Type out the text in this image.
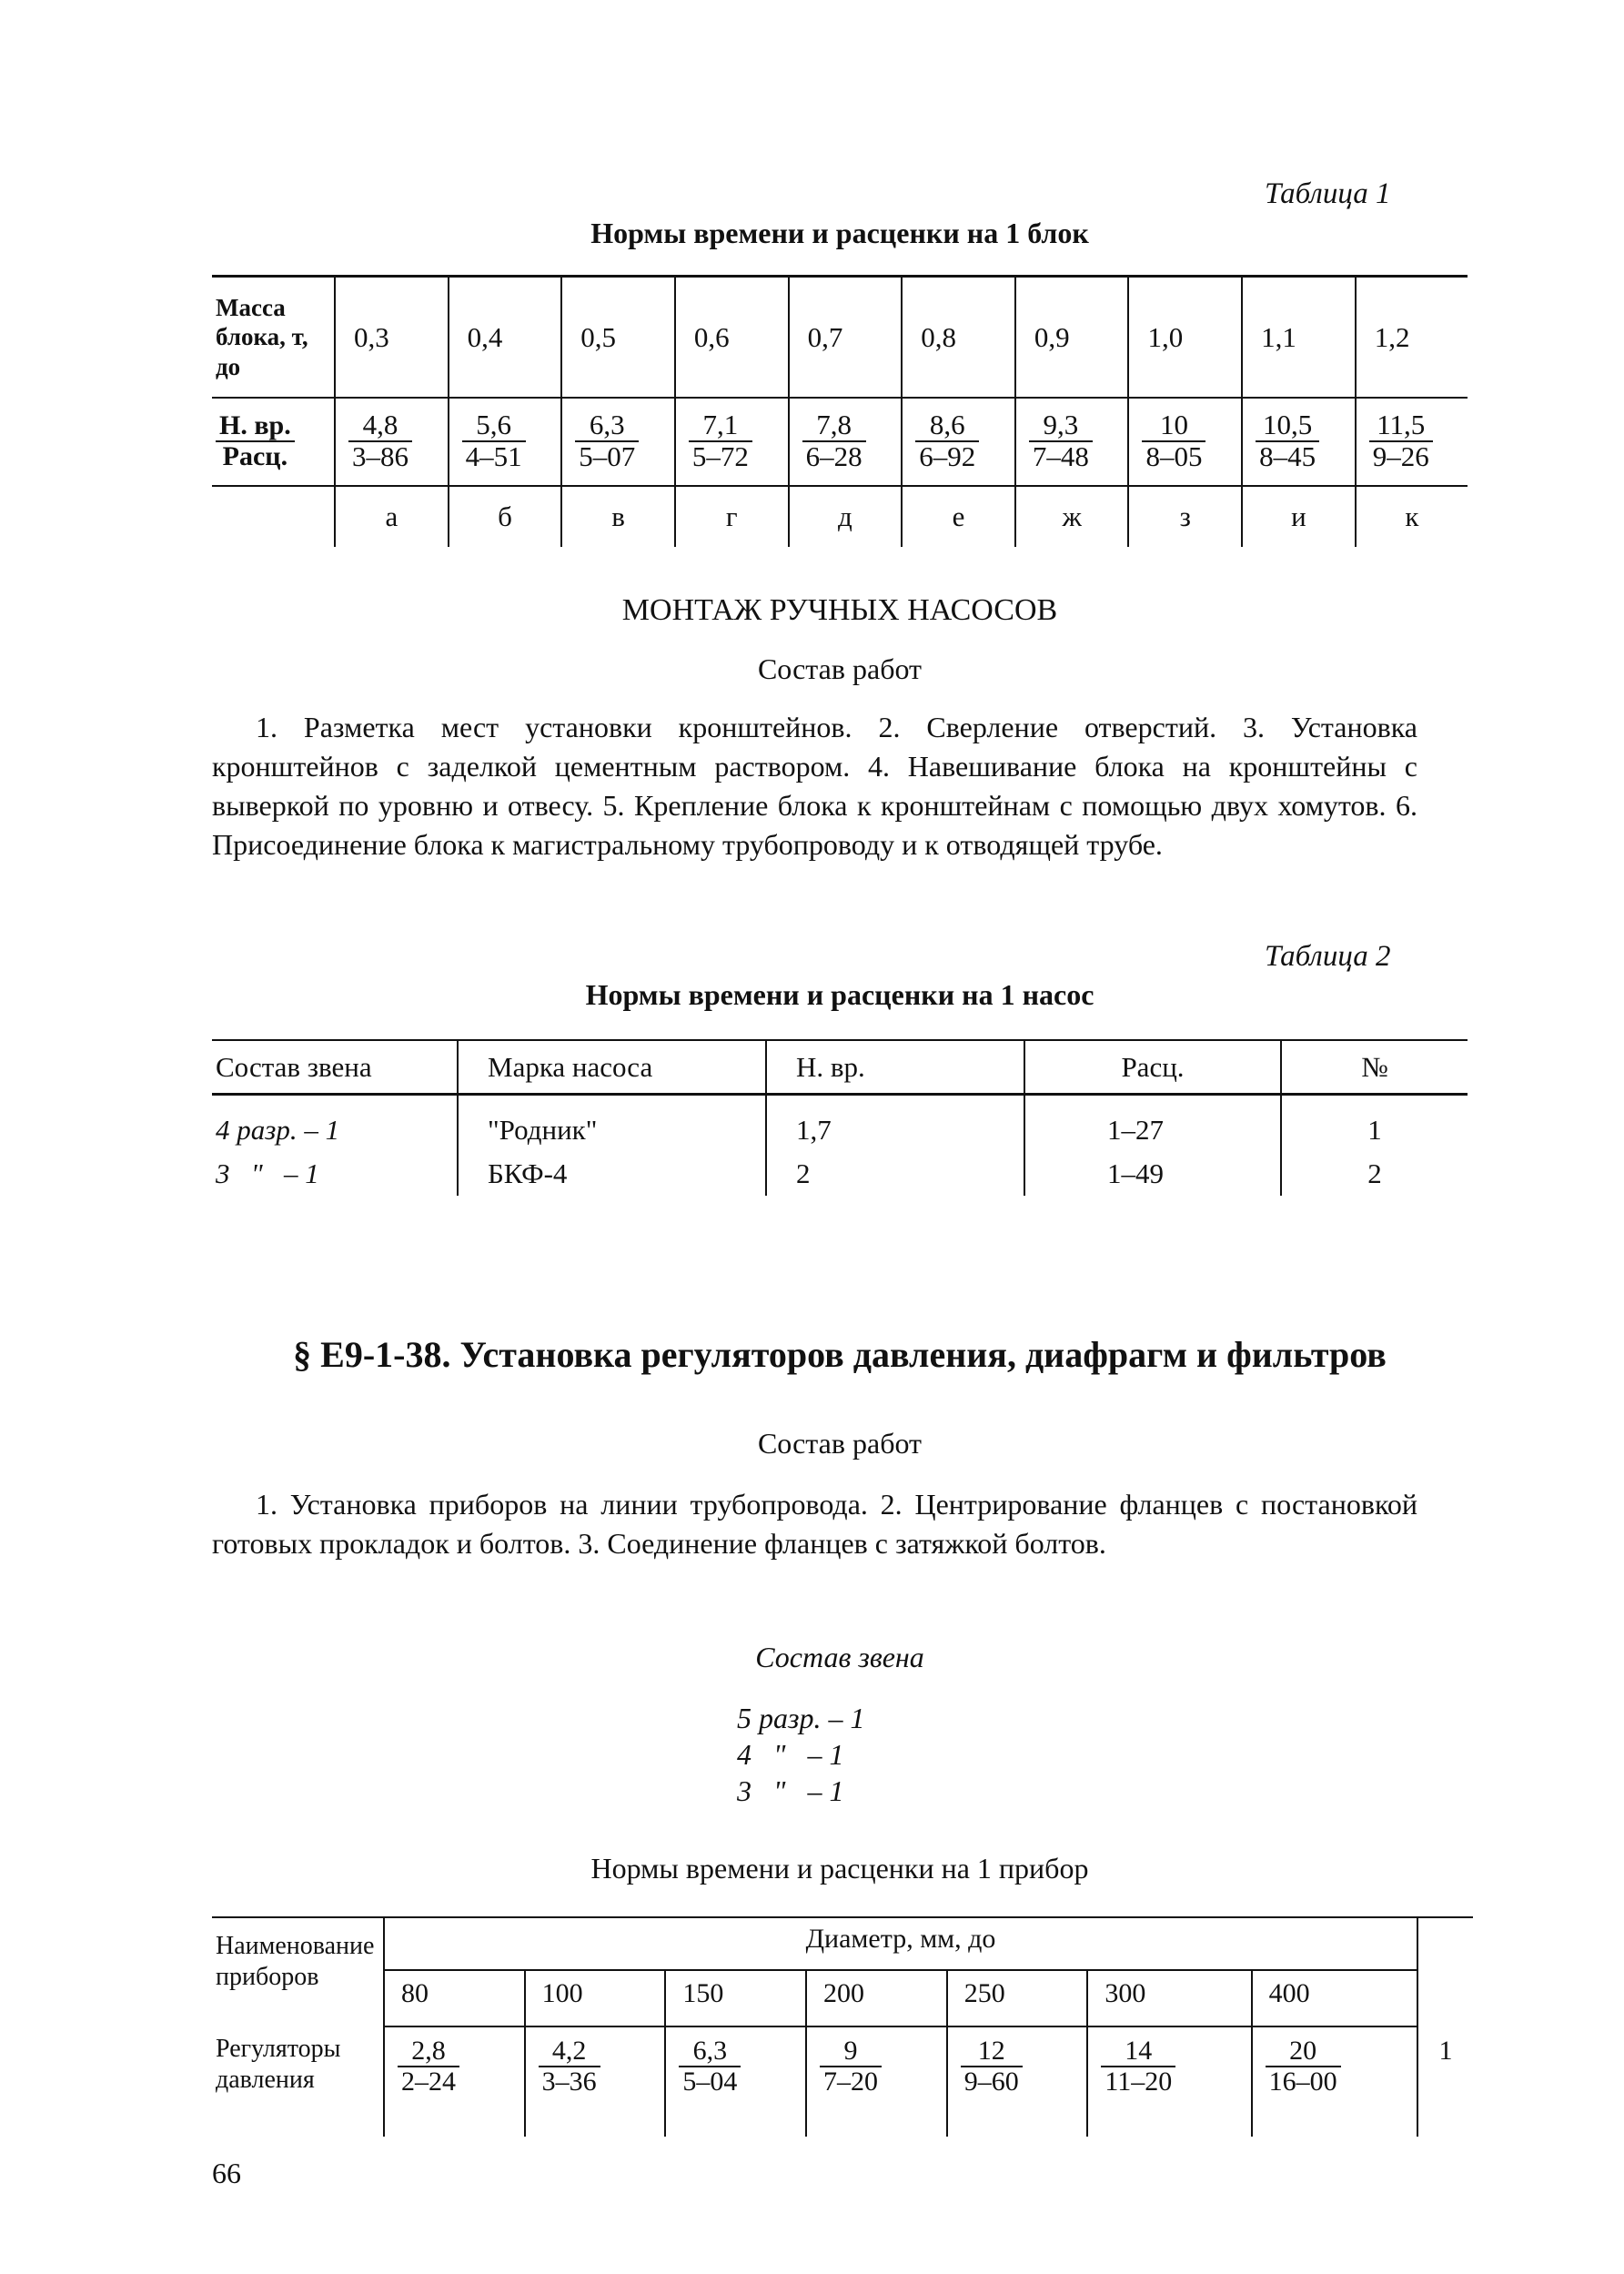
Таблица 1
Нормы времени и расценки на 1 блок
Масса блока, т, до	0,3	0,4	0,5	0,6	0,7	0,8	0,9	1,0	1,1	1,2

$\frac{Н. вр.}{\text{Расц.}}$	$\frac{4,8}{3-86}$	$\frac{5,6}{4-51}$	$\frac{6,3}{5-07}$	$\frac{7,1}{5-72}$	$\frac{7,8}{6-28}$	$\frac{8,6}{6-92}$	$\frac{9,3}{7-48}$	$\frac{10}{8-05}$	$\frac{10,5}{8-45}$	$\frac{11,5}{9-26}$

	а	б	в	г	д	е	ж	з	и	к
МОНТАЖ РУЧНЫХ НАСОСОВ
Состав работ
1. Разметка мест установки кронштейнов. 2. Сверление отверстий. 3. Установка кронштейнов с заделкой цементным раствором. 4. Навешивание блока на кронштейны с выверкой по уровню и отвесу. 5. Крепление блока к кронштейнам с помощью двух хомутов. 6. Присоединение блока к магистральному трубопроводу и к отводящей трубе.
Таблица 2
Нормы времени и расценки на 1 насос
Состав звена	Марка насоса	Н. вр.	Расц.	№
4 разр. – 1	"Родник"	1,7	1–27	1
3   "   – 1	БКФ-4	2	1–49	2
§ Е9-1-38. Установка регуляторов давления, диафрагм и фильтров
Состав работ
1. Установка приборов на линии трубопровода. 2. Центрирование фланцев с постановкой готовых прокладок и болтов. 3. Соединение фланцев с затяжкой болтов.
Состав звена
5 разр. – 1
4   "   – 1
3   "   – 1
Нормы времени и расценки на 1 прибор
Наименование приборов	Диаметр, мм, до							
	80	100	150	200	250	300	400	
Регуляторы давления	$\frac{2,8}{2-24}$	$\frac{4,2}{3-36}$	$\frac{6,3}{5-04}$	$\frac{9}{7-20}$	$\frac{12}{9-60}$	$\frac{14}{11-20}$	$\frac{20}{16-00}$	1
66
